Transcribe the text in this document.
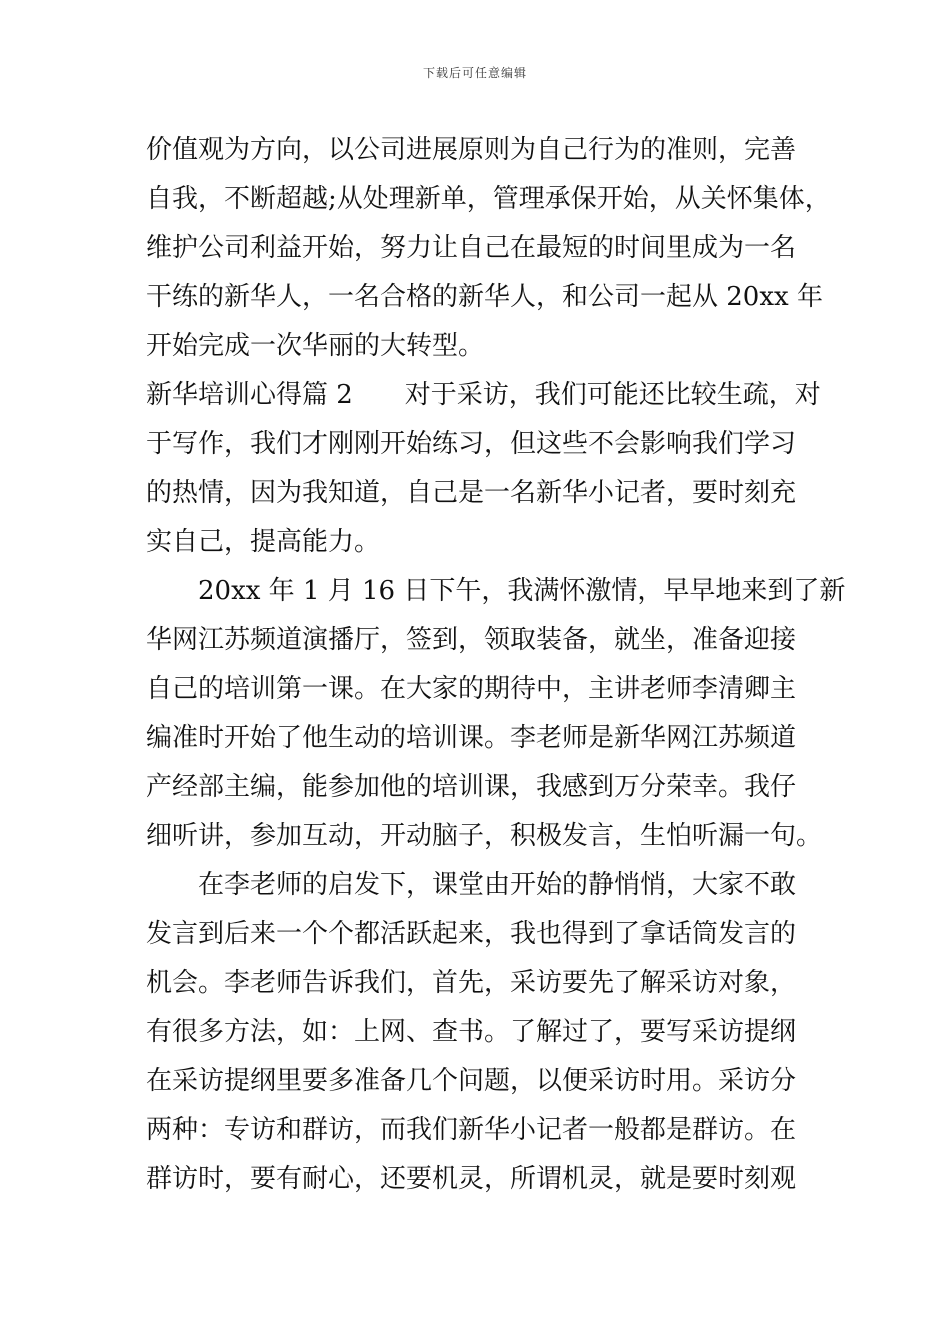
下载后可任意编辑
价值观为方向，以公司进展原则为自己行为的准则，完善
自我，不断超越;从处理新单，管理承保开始，从关怀集体，
维护公司利益开始，努力让自己在最短的时间里成为一名
干练的新华人，一名合格的新华人，和公司一起从 20xx 年
开始完成一次华丽的大转型。
新华培训心得篇 2　　对于采访，我们可能还比较生疏，对
于写作，我们才刚刚开始练习，但这些不会影响我们学习
的热情，因为我知道，自己是一名新华小记者，要时刻充
实自己，提高能力。
20xx 年 1 月 16 日下午，我满怀激情，早早地来到了新
华网江苏频道演播厅，签到，领取装备，就坐，准备迎接
自己的培训第一课。在大家的期待中，主讲老师李清卿主
编准时开始了他生动的培训课。李老师是新华网江苏频道
产经部主编，能参加他的培训课，我感到万分荣幸。我仔
细听讲，参加互动，开动脑子，积极发言，生怕听漏一句。
在李老师的启发下，课堂由开始的静悄悄，大家不敢
发言到后来一个个都活跃起来，我也得到了拿话筒发言的
机会。李老师告诉我们，首先，采访要先了解采访对象，
有很多方法，如：上网、查书。了解过了，要写采访提纲
在采访提纲里要多准备几个问题，以便采访时用。采访分
两种：专访和群访，而我们新华小记者一般都是群访。在
群访时，要有耐心，还要机灵，所谓机灵，就是要时刻观
